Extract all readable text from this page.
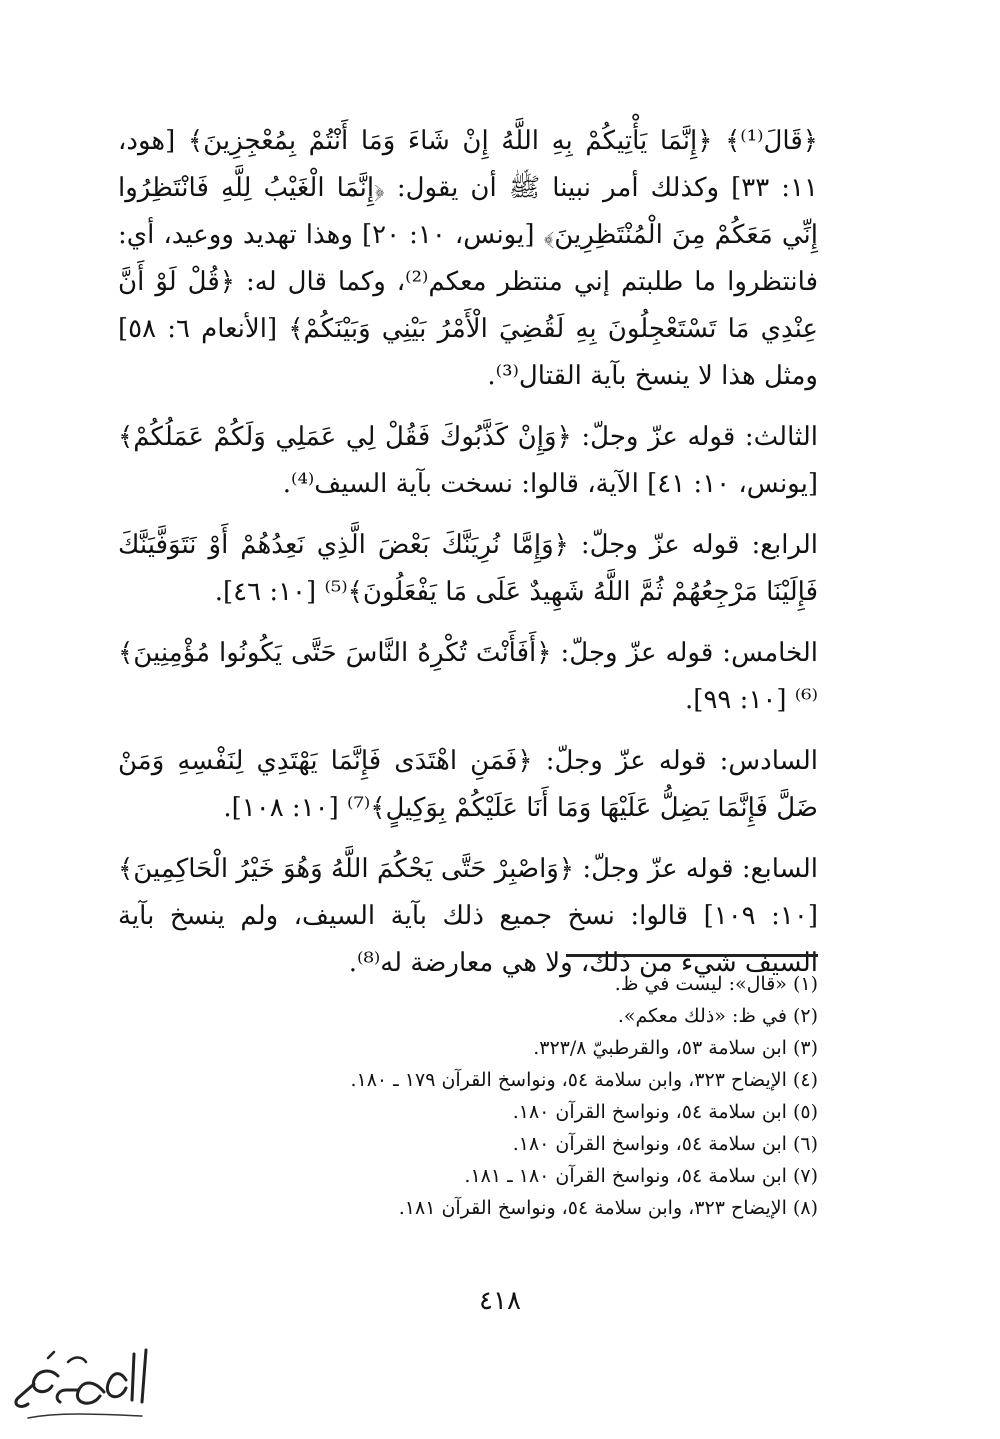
﴿قَالَ⁽¹⁾﴾ ﴿إِنَّمَا يَأْتِيكُمْ بِهِ اللَّهُ إِنْ شَاءَ وَمَا أَنْتُمْ بِمُعْجِزِينَ﴾ [هود، ١١: ٣٣] وكذلك أمر نبينا ﷺ أن يقول: ﴿إِنَّمَا الْغَيْبُ لِلَّهِ فَانْتَظِرُوا إِنِّي مَعَكُمْ مِنَ الْمُنْتَظِرِينَ﴾ [يونس، ١٠: ٢٠] وهذا تهديد ووعيد، أي: فانتظروا ما طلبتم إني منتظر معكم⁽²⁾، وكما قال له: ﴿قُلْ لَوْ أَنَّ عِنْدِي مَا تَسْتَعْجِلُونَ بِهِ لَقُضِيَ الْأَمْرُ بَيْنِي وَبَيْنَكُمْ﴾ [الأنعام ٦: ٥٨] ومثل هذا لا ينسخ بآية القتال⁽³⁾.

الثالث: قوله عزّ وجلّ: ﴿وَإِنْ كَذَّبُوكَ فَقُلْ لِي عَمَلِي وَلَكُمْ عَمَلُكُمْ﴾ [يونس، ١٠: ٤١] الآية، قالوا: نسخت بآية السيف⁽⁴⁾.

الرابع: قوله عزّ وجلّ: ﴿وَإِمَّا نُرِيَنَّكَ بَعْضَ الَّذِي نَعِدُهُمْ أَوْ نَتَوَفَّيَنَّكَ فَإِلَيْنَا مَرْجِعُهُمْ ثُمَّ اللَّهُ شَهِيدٌ عَلَى مَا يَفْعَلُونَ﴾⁽⁵⁾ [١٠: ٤٦].

الخامس: قوله عزّ وجلّ: ﴿أَفَأَنْتَ تُكْرِهُ النَّاسَ حَتَّى يَكُونُوا مُؤْمِنِينَ﴾⁽⁶⁾ [١٠: ٩٩].

السادس: قوله عزّ وجلّ: ﴿فَمَنِ اهْتَدَى فَإِنَّمَا يَهْتَدِي لِنَفْسِهِ وَمَنْ ضَلَّ فَإِنَّمَا يَضِلُّ عَلَيْهَا وَمَا أَنَا عَلَيْكُمْ بِوَكِيلٍ﴾⁽⁷⁾ [١٠: ١٠٨].

السابع: قوله عزّ وجلّ: ﴿وَاصْبِرْ حَتَّى يَحْكُمَ اللَّهُ وَهُوَ خَيْرُ الْحَاكِمِينَ﴾ [١٠: ١٠٩] قالوا: نسخ جميع ذلك بآية السيف، ولم ينسخ بآية السيف شيء من ذلك، ولا هي معارضة له⁽⁸⁾.

(١) «قال»: ليست في ظ.
(٢) في ظ: «ذلك معكم».
(٣) ابن سلامة ٥٣، والقرطبيّ ٣٢٣/٨.
(٤) الإيضاح ٣٢٣، وابن سلامة ٥٤، ونواسخ القرآن ١٧٩ ـ ١٨٠.
(٥) ابن سلامة ٥٤، ونواسخ القرآن ١٨٠.
(٦) ابن سلامة ٥٤، ونواسخ القرآن ١٨٠.
(٧) ابن سلامة ٥٤، ونواسخ القرآن ١٨٠ ـ ١٨١.
(٨) الإيضاح ٣٢٣، وابن سلامة ٥٤، ونواسخ القرآن ١٨١.
٤١٨
